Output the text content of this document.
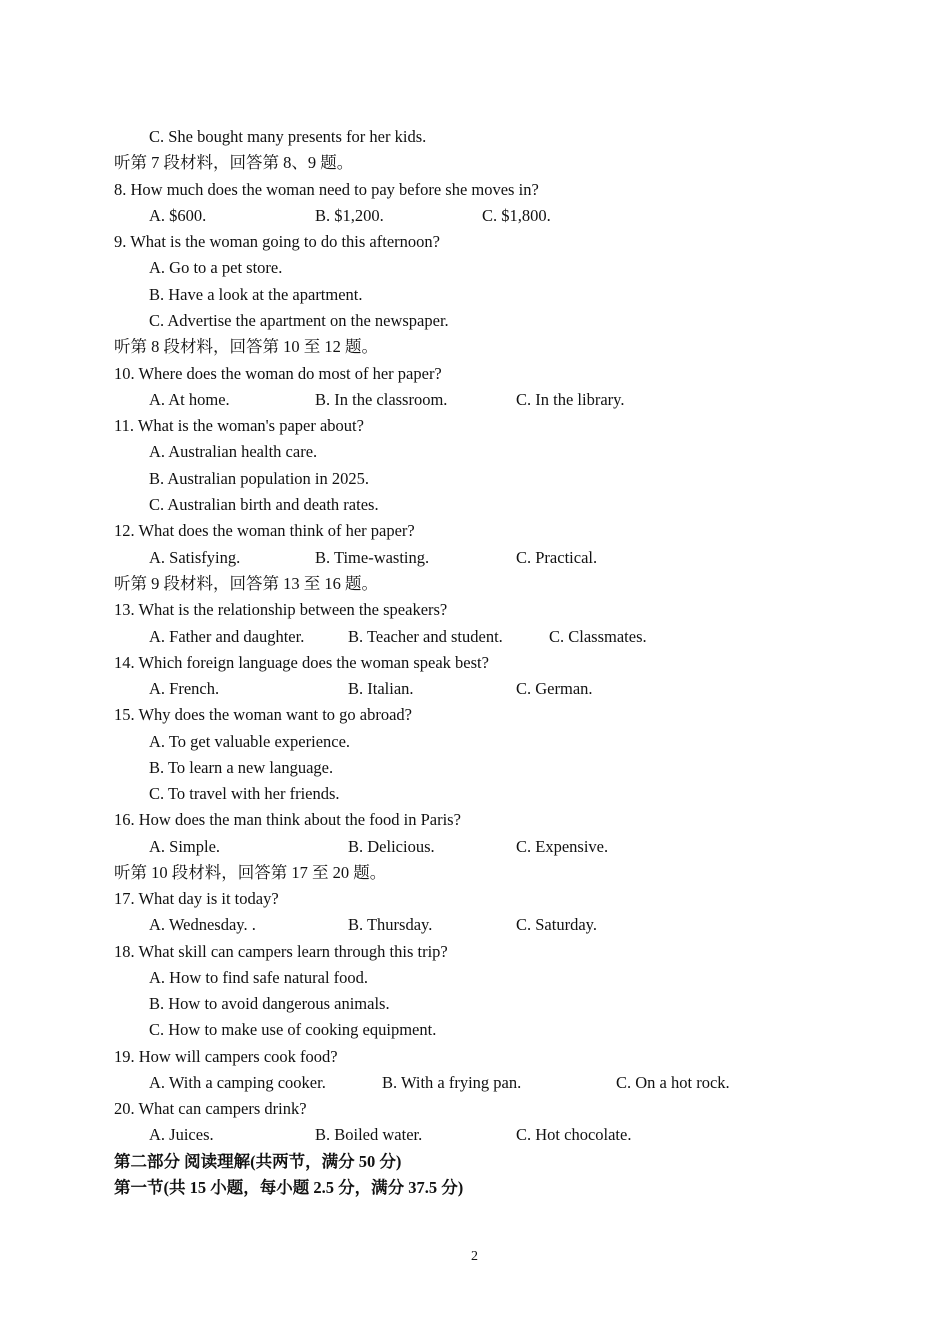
C. She bought many presents for her kids.
听第 7 段材料，回答第 8、9 题。
8. How much does the woman need to pay before she moves in?
A. $600.	B. $1,200.	C. $1,800.
9. What is the woman going to do this afternoon?
A. Go to a pet store.
B. Have a look at the apartment.
C. Advertise the apartment on the newspaper.
听第 8 段材料，回答第 10 至 12 题。
10. Where does the woman do most of her paper?
A. At home.	B. In the classroom.	C. In the library.
11. What is the woman's paper about?
A. Australian health care.
B. Australian population in 2025.
C. Australian birth and death rates.
12. What does the woman think of her paper?
A. Satisfying.	B. Time-wasting.	C. Practical.
听第 9 段材料，回答第 13 至 16 题。
13. What is the relationship between the speakers?
A. Father and daughter.	B. Teacher and student.	C. Classmates.
14. Which foreign language does the woman speak best?
A. French.	B. Italian.	C. German.
15. Why does the woman want to go abroad?
A. To get valuable experience.
B. To learn a new language.
C. To travel with her friends.
16. How does the man think about the food in Paris?
A. Simple.	B. Delicious.	C. Expensive.
听第 10 段材料，回答第 17 至 20 题。
17. What day is it today?
A. Wednesday. .	B. Thursday.	C. Saturday.
18. What skill can campers learn through this trip?
A. How to find safe natural food.
B. How to avoid dangerous animals.
C. How to make use of cooking equipment.
19. How will campers cook food?
A. With a camping cooker.	B. With a frying pan.	C. On a hot rock.
20. What can campers drink?
A. Juices.	B. Boiled water.	C. Hot chocolate.
第二部分 阅读理解(共两节，满分 50 分)
第一节(共 15 小题，每小题 2.5 分，满分 37.5 分)
2
